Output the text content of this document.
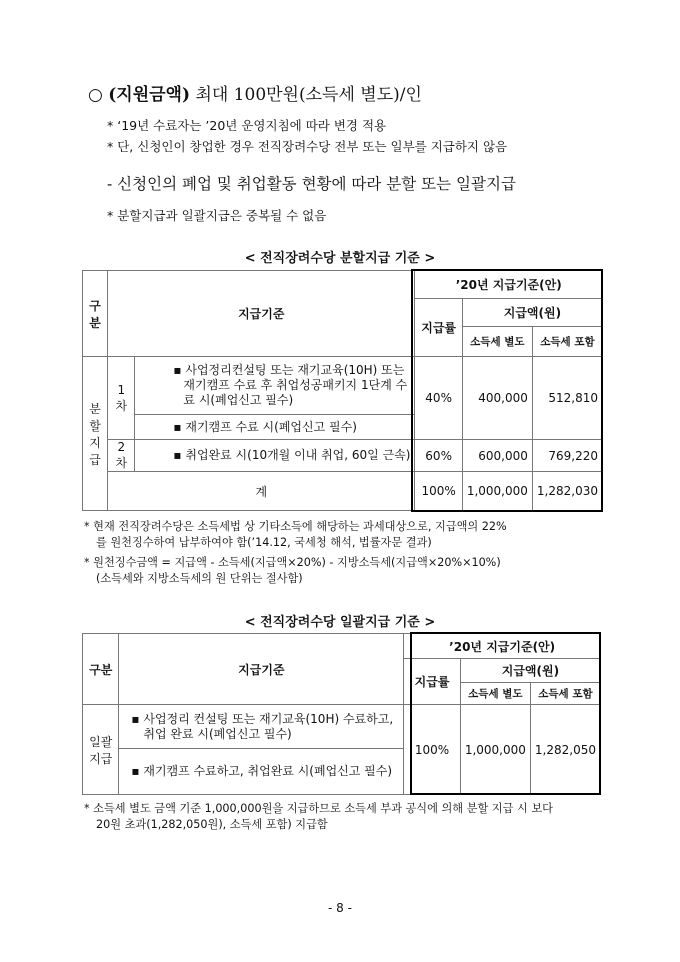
○ (지원금액) 최대 100만원(소득세 별도)/인
* ‘19년 수료자는 ’20년 운영지침에 따라 변경 적용
* 단, 신청인이 창업한 경우 전직장려수당 전부 또는 일부를 지급하지 않음
- 신청인의 폐업 및 취업활동 현황에 따라 분할 또는 일괄지급
* 분할지급과 일괄지급은 중복될 수 없음
< 전직장려수당 분할지급 기준 >
구분	지급기준		’20년 지급기준(안)		
			지급률	지급액(원)	
				소득세 별도	소득세 포함
분할 지급	1차	▪ 사업정리컨설팅 또는 재기교육(10H) 또는 재기캠프 수료 후 취업성공패키지 1단계 수료 시(폐업신고 필수)	40%	400,000	512,810
		▪ 재기캠프 수료 시(폐업신고 필수)			
	2차	▪ 취업완료 시(10개월 이내 취업, 60일 근속)	60%	600,000	769,220
	계		100%	1,000,000	1,282,030
* 현재 전직장려수당은 소득세법 상 기타소득에 해당하는 과세대상으로, 지급액의 22%
를 원천징수하여 납부하여야 함(’14.12, 국세청 해석, 법률자문 결과)
* 원천징수금액 = 지급액 - 소득세(지급액×20%) - 지방소득세(지급액×20%×10%)
(소득세와 지방소득세의 원 단위는 절사함)
< 전직장려수당 일괄지급 기준 >
구분	지급기준	’20년 지급기준(안)		
		지급률	지급액(원)	
			소득세 별도	소득세 포함
일괄 지급	▪ 사업정리 컨설팅 또는 재기교육(10H) 수료하고, 취업 완료 시(폐업신고 필수)	100%	1,000,000	1,282,050
	▪ 재기캠프 수료하고, 취업완료 시(폐업신고 필수)			
* 소득세 별도 금액 기준 1,000,000원을 지급하므로 소득세 부과 공식에 의해 분할 지급 시 보다
20원 초과(1,282,050원), 소득세 포함) 지급함
- 8 -
